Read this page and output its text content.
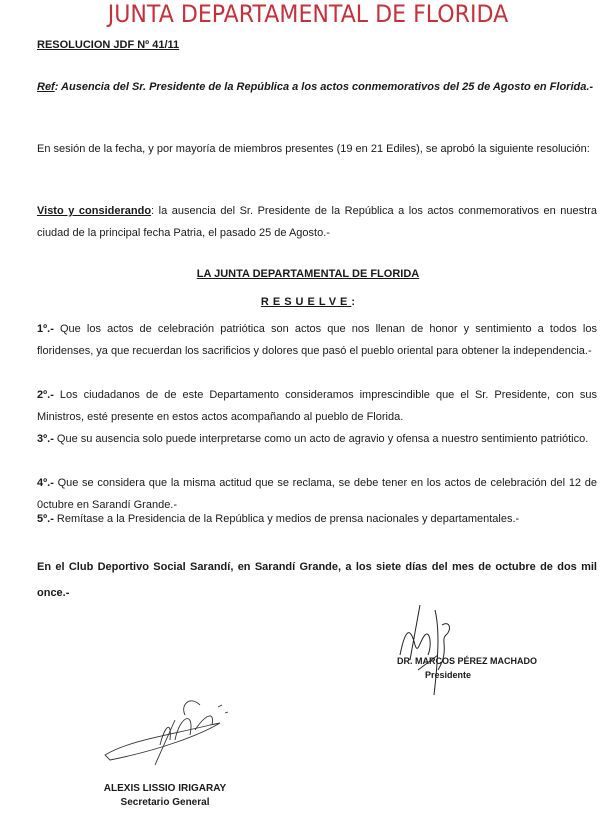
JUNTA DEPARTAMENTAL DE FLORIDA
RESOLUCION JDF Nº 41/11
Ref: Ausencia del Sr. Presidente de la República a los actos conmemorativos del 25 de Agosto en Florida.-
En sesión de la fecha, y por mayoría de miembros presentes (19 en 21 Ediles), se aprobó la siguiente resolución:
Visto y considerando: la ausencia del Sr. Presidente de la República a los actos conmemorativos en nuestra ciudad de la principal fecha Patria, el pasado 25 de Agosto.-
LA JUNTA DEPARTAMENTAL DE FLORIDA
RESUELVE:
1º.- Que los actos de celebración patriótica son actos que nos llenan de honor y sentimiento a todos los floridenses, ya que recuerdan los sacrificios y dolores que pasó el pueblo oriental para obtener la independencia.-
2º.- Los ciudadanos de de este Departamento consideramos imprescindible que el Sr. Presidente, con sus Ministros, esté presente en estos actos acompañando al pueblo de Florida.
3º.- Que su ausencia solo puede interpretarse como un acto de agravio y ofensa a nuestro sentimiento patriótico.
4º.- Que se considera que la misma actitud que se reclama, se debe tener en los actos de celebración del 12 de 0ctubre en Sarandí Grande.-
5º.- Remítase a la Presidencia de la República y medios de prensa nacionales y departamentales.-
En el Club Deportivo Social Sarandí, en Sarandí Grande, a los siete días del mes de octubre de dos mil once.-
DR. MARCOS PÉREZ MACHADO
Presidente
ALEXIS LISSIO IRIGARAY
Secretario General
